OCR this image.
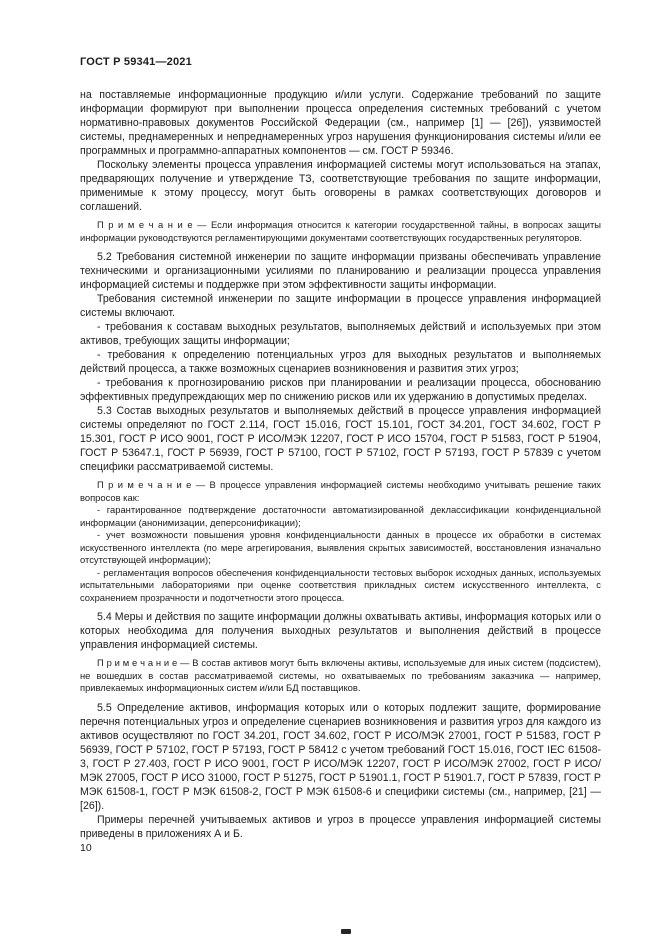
ГОСТ Р 59341—2021

на поставляемые информационные продукцию и/или услуги. Содержание требований по защите информации формируют при выполнении процесса определения системных требований с учетом нормативно-правовых документов Российской Федерации (см., например [1] — [26]), уязвимостей системы, преднамеренных и непреднамеренных угроз нарушения функционирования системы и/или ее программных и программно-аппаратных компонентов — см. ГОСТ Р 59346.

Поскольку элементы процесса управления информацией системы могут использоваться на этапах, предваряющих получение и утверждение ТЗ, соответствующие требования по защите информации, применимые к этому процессу, могут быть оговорены в рамках соответствующих договоров и соглашений.

П р и м е ч а н и е — Если информация относится к категории государственной тайны, в вопросах защиты информации руководствуются регламентирующими документами соответствующих государственных регуляторов.

5.2 Требования системной инженерии по защите информации призваны обеспечивать управление техническими и организационными усилиями по планированию и реализации процесса управления информацией системы и поддержке при этом эффективности защиты информации.

Требования системной инженерии по защите информации в процессе управления информацией системы включают.

- требования к составам выходных результатов, выполняемых действий и используемых при этом активов, требующих защиты информации;

- требования к определению потенциальных угроз для выходных результатов и выполняемых действий процесса, а также возможных сценариев возникновения и развития этих угроз;

- требования к прогнозированию рисков при планировании и реализации процесса, обоснованию эффективных предупреждающих мер по снижению рисков или их удержанию в допустимых пределах.

5.3 Состав выходных результатов и выполняемых действий в процессе управления информацией системы определяют по ГОСТ 2.114, ГОСТ 15.016, ГОСТ 15.101, ГОСТ 34.201, ГОСТ 34.602, ГОСТ Р 15.301, ГОСТ Р ИСО 9001, ГОСТ Р ИСО/МЭК 12207, ГОСТ Р ИСО 15704, ГОСТ Р 51583, ГОСТ Р 51904, ГОСТ Р 53647.1, ГОСТ Р 56939, ГОСТ Р 57100, ГОСТ Р 57102, ГОСТ Р 57193, ГОСТ Р 57839 с учетом специфики рассматриваемой системы.

П р и м е ч а н и е — В процессе управления информацией системы необходимо учитывать решение таких вопросов как:

- гарантированное подтверждение достаточности автоматизированной деклассификации конфиденциальной информации (анонимизации, деперсонификации);

- учет возможности повышения уровня конфиденциальности данных в процессе их обработки в системах искусственного интеллекта (по мере агрегирования, выявления скрытых зависимостей, восстановления изначально отсутствующей информации);

- регламентация вопросов обеспечения конфиденциальности тестовых выборок исходных данных, используемых испытательными лабораториями при оценке соответствия прикладных систем искусственного интеллекта, с сохранением прозрачности и подотчетности этого процесса.

5.4 Меры и действия по защите информации должны охватывать активы, информация которых или о которых необходима для получения выходных результатов и выполнения действий в процессе управления информацией системы.

П р и м е ч а н и е — В состав активов могут быть включены активы, используемые для иных систем (подсистем), не вошедших в состав рассматриваемой системы, но охватываемых по требованиям заказчика — например, привлекаемых информационных систем и/или БД поставщиков.

5.5 Определение активов, информация которых или о которых подлежит защите, формирование перечня потенциальных угроз и определение сценариев возникновения и развития угроз для каждого из активов осуществляют по ГОСТ 34.201, ГОСТ 34.602, ГОСТ Р ИСО/МЭК 27001, ГОСТ Р 51583, ГОСТ Р 56939, ГОСТ Р 57102, ГОСТ Р 57193, ГОСТ Р 58412 с учетом требований ГОСТ 15.016, ГОСТ IEC 61508-3, ГОСТ Р 27.403, ГОСТ Р ИСО 9001, ГОСТ Р ИСО/МЭК 12207, ГОСТ Р ИСО/МЭК 27002, ГОСТ Р ИСО/МЭК 27005, ГОСТ Р ИСО 31000, ГОСТ Р 51275, ГОСТ Р 51901.1, ГОСТ Р 51901.7, ГОСТ Р 57839, ГОСТ Р МЭК 61508-1, ГОСТ Р МЭК 61508-2, ГОСТ Р МЭК 61508-6 и специфики системы (см., например, [21] — [26]).

Примеры перечней учитываемых активов и угроз в процессе управления информацией системы приведены в приложениях А и Б.

10
